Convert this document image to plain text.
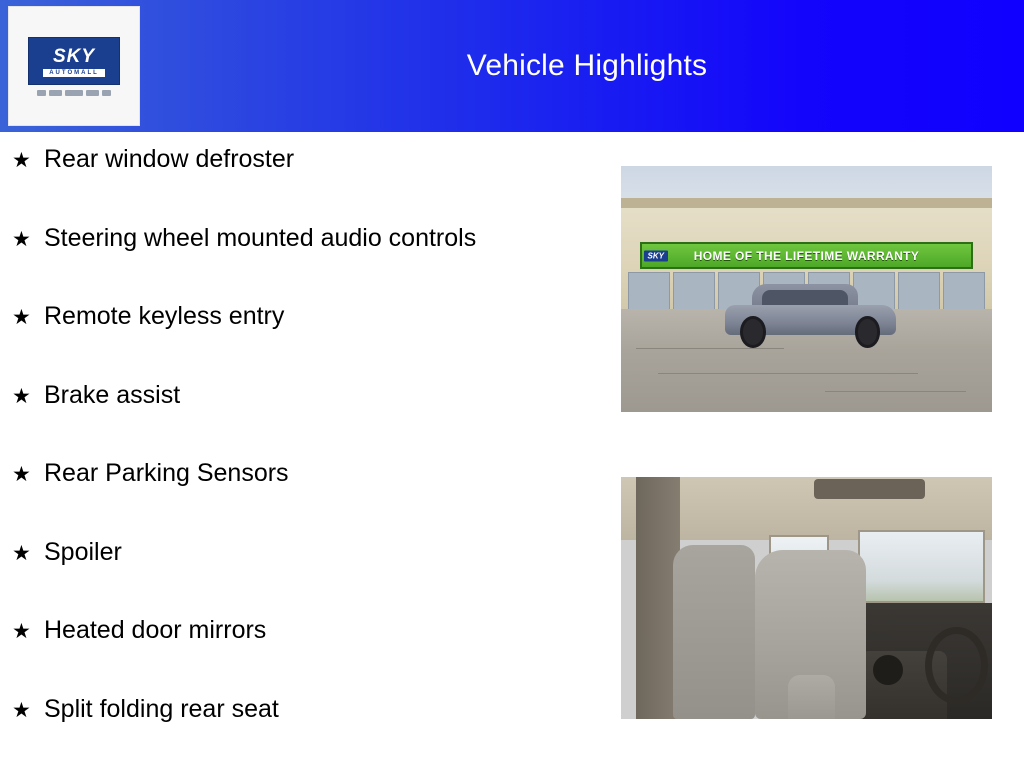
Vehicle Highlights
SKY
AUTOMALL
★ Rear window defroster
★ Steering wheel mounted audio controls
★ Remote keyless entry
★ Brake assist
★ Rear Parking Sensors
★ Spoiler
★ Heated door mirrors
★ Split folding rear seat
SKY	HOME OF THE LIFETIME WARRANTY
